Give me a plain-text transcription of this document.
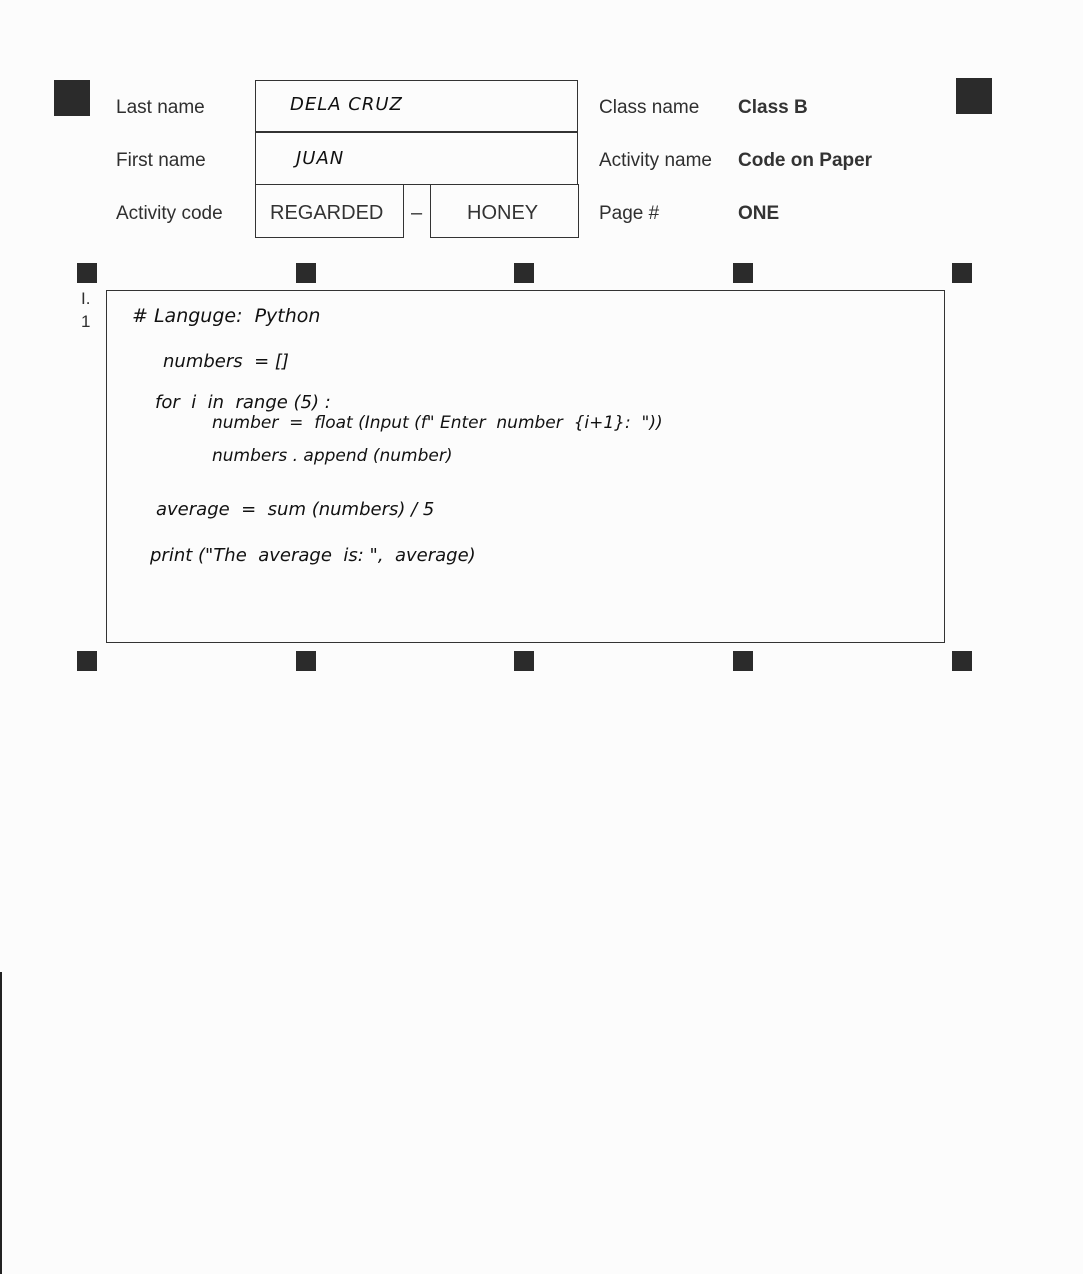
Last name
First name
Activity code
DELA CRUZ
JUAN
REGARDED – HONEY
Class name Class B
Activity name Code on Paper
Page #	ONE
I.
1 # Languge:  Python
numbers  = []
for  i  in  range (5) :
number  =  float (Input (f" Enter  number  {i+1}:  "))
numbers . append (number)
average  =  sum (numbers) / 5
print ("The  average  is: ",  average)
